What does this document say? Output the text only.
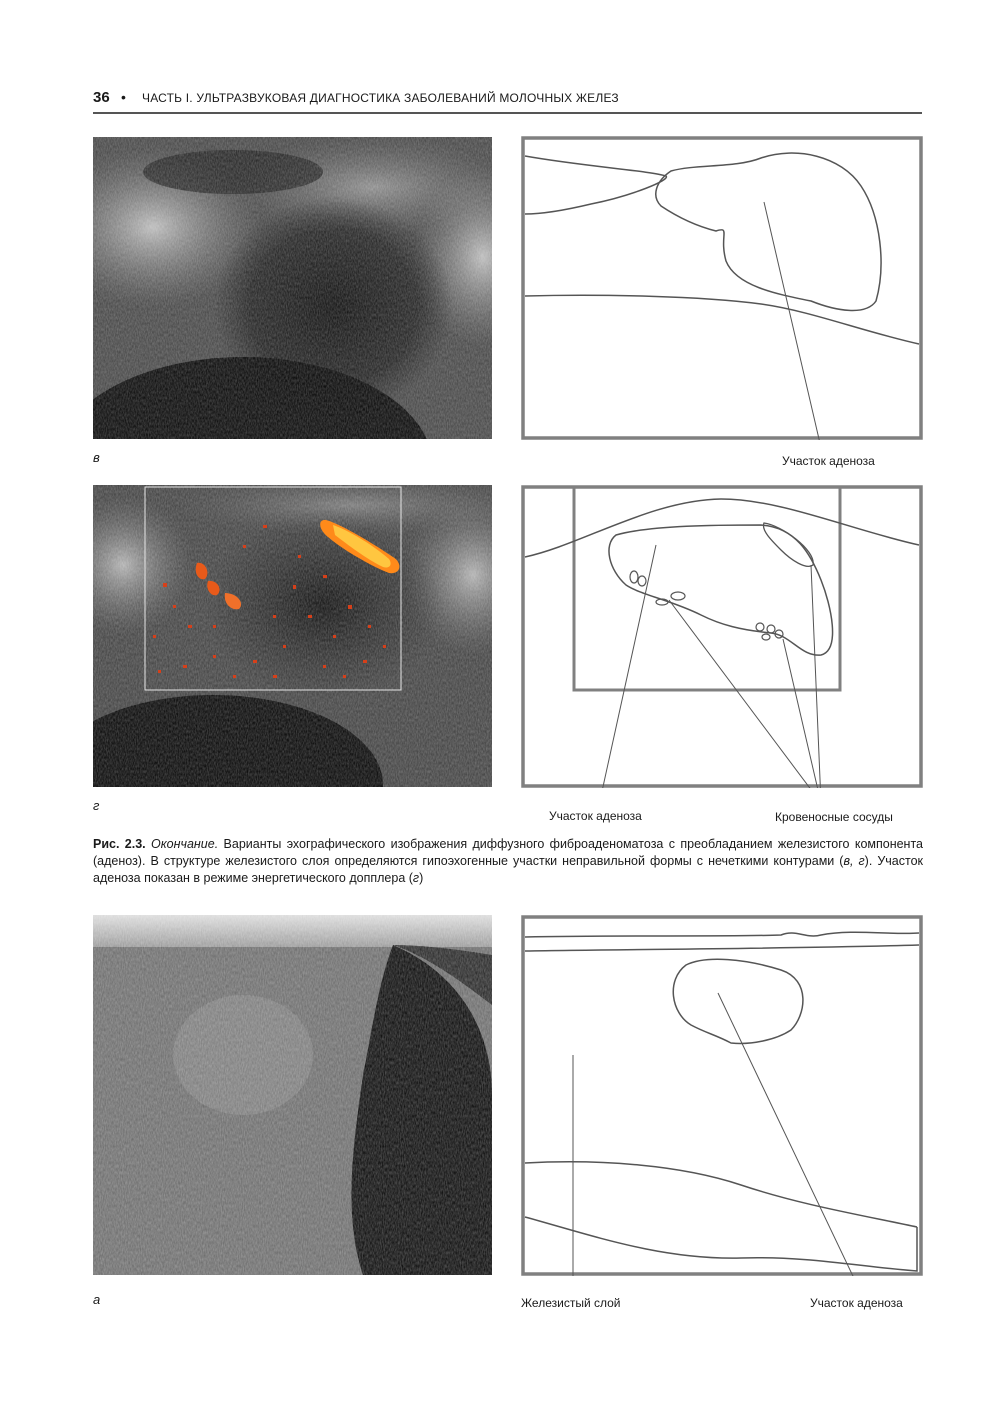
36 • ЧАСТЬ I. УЛЬТРАЗВУКОВАЯ ДИАГНОСТИКА ЗАБОЛЕВАНИЙ МОЛОЧНЫХ ЖЕЛЕЗ
в	Участок аденоза
г
Участок аденоза	Кровеносные сосуды
Рис. 2.3. Окончание. Варианты эхографического изображения диффузного фиброаденоматоза с преобладанием железистого компонента (аденоз). В структуре железистого слоя определяются гипоэхогенные участки неправильной формы с нечеткими контурами (в, г). Участок аденоза показан в режиме энергетического допплера (г)
а	Железистый слой	Участок аденоза
